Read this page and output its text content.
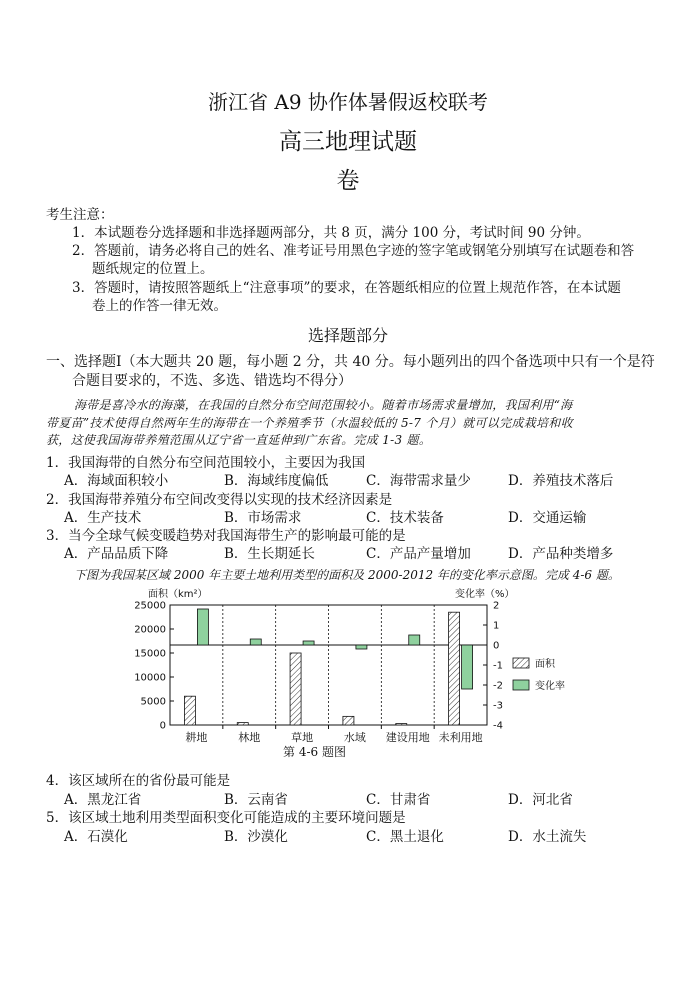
浙江省 A9 协作体暑假返校联考
高三地理试题
卷
考生注意：
1．本试题卷分选择题和非选择题两部分，共 8 页，满分 100 分，考试时间 90 分钟。
2．答题前，请务必将自己的姓名、准考证号用黑色字迹的签字笔或钢笔分别填写在试题卷和答
题纸规定的位置上。
3．答题时，请按照答题纸上“注意事项”的要求，在答题纸相应的位置上规范作答，在本试题
卷上的作答一律无效。
选择题部分
一、选择题Ⅰ（本大题共 20 题，每小题 2 分，共 40 分。每小题列出的四个备选项中只有一个是符
合题目要求的，不选、多选、错选均不得分）
海带是喜冷水的海藻，在我国的自然分布空间范围较小。随着市场需求量增加，我国利用“海
带夏苗”技术使得自然两年生的海带在一个养殖季节（水温较低的 5-7 个月）就可以完成栽培和收
获，这使我国海带养殖范围从辽宁省一直延伸到广东省。完成 1-3 题。
1．我国海带的自然分布空间范围较小，主要因为我国
A．海域面积较小	B．海域纬度偏低	C．海带需求量少	D．养殖技术落后
2．我国海带养殖分布空间改变得以实现的技术经济因素是
A．生产技术	B．市场需求	C．技术装备	D．交通运输
3．当今全球气候变暖趋势对我国海带生产的影响最可能的是
A．产品品质下降	B．生长期延长	C．产品产量增加	D．产品种类增多
下图为我国某区域 2000 年主要土地利用类型的面积及 2000-2012 年的变化率示意图。完成 4-6 题。
0
5000
10000
15000
20000
25000
-4
-3
-2
-1
0
1
2
面积（km²）	变化率（%）
耕地	林地	草地	水域 建设用地 未利用地
面积
变化率
第 4-6 题图
4．该区域所在的省份最可能是
A．黑龙江省	B．云南省	C．甘肃省	D．河北省
5．该区域土地利用类型面积变化可能造成的主要环境问题是
A．石漠化	B．沙漠化	C．黑土退化	D．水土流失
